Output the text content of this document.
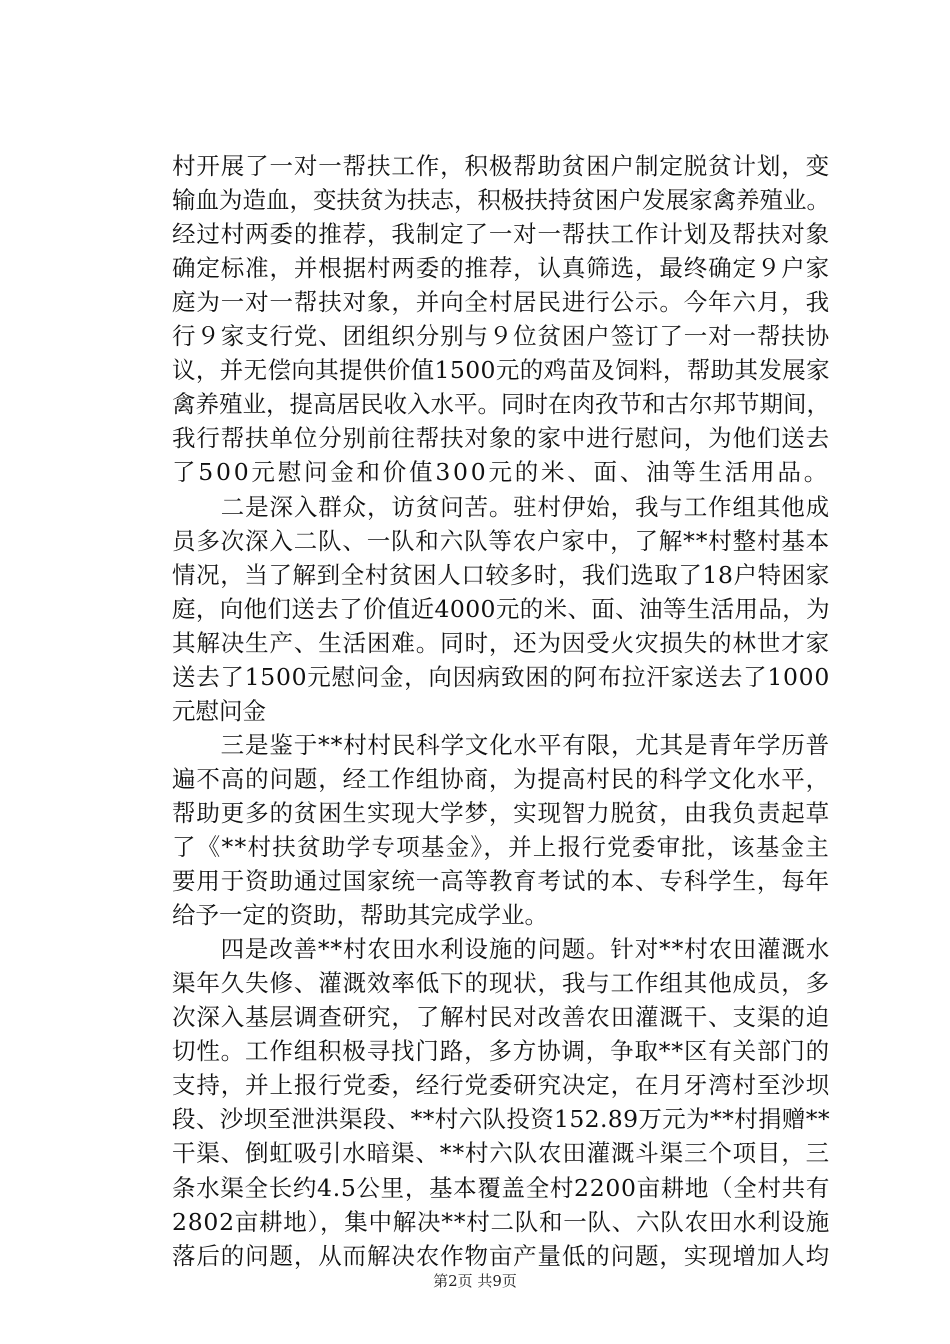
村开展了一对一帮扶工作，积极帮助贫困户制定脱贫计划，变
输血为造血，变扶贫为扶志，积极扶持贫困户发展家禽养殖业。
经过村两委的推荐，我制定了一对一帮扶工作计划及帮扶对象
确定标准，并根据村两委的推荐，认真筛选，最终确定９户家
庭为一对一帮扶对象，并向全村居民进行公示。今年六月，我
行９家支行党、团组织分别与９位贫困户签订了一对一帮扶协
议，并无偿向其提供价值1500元的鸡苗及饲料，帮助其发展家
禽养殖业，提高居民收入水平。同时在肉孜节和古尔邦节期间，
我行帮扶单位分别前往帮扶对象的家中进行慰问，为他们送去
了500元慰问金和价值300元的米、面、油等生活用品。
　　二是深入群众，访贫问苦。驻村伊始，我与工作组其他成
员多次深入二队、一队和六队等农户家中，了解**村整村基本
情况，当了解到全村贫困人口较多时，我们选取了18户特困家
庭，向他们送去了价值近4000元的米、面、油等生活用品，为
其解决生产、生活困难。同时，还为因受火灾损失的林世才家
送去了1500元慰问金，向因病致困的阿布拉汗家送去了1000
元慰问金
　　三是鉴于**村村民科学文化水平有限，尤其是青年学历普
遍不高的问题，经工作组协商，为提高村民的科学文化水平，
帮助更多的贫困生实现大学梦，实现智力脱贫，由我负责起草
了《**村扶贫助学专项基金》，并上报行党委审批，该基金主
要用于资助通过国家统一高等教育考试的本、专科学生，每年
给予一定的资助，帮助其完成学业。
　　四是改善**村农田水利设施的问题。针对**村农田灌溉水
渠年久失修、灌溉效率低下的现状，我与工作组其他成员，多
次深入基层调查研究，了解村民对改善农田灌溉干、支渠的迫
切性。工作组积极寻找门路，多方协调，争取**区有关部门的
支持，并上报行党委，经行党委研究决定，在月牙湾村至沙坝
段、沙坝至泄洪渠段、**村六队投资152.89万元为**村捐赠**
干渠、倒虹吸引水暗渠、**村六队农田灌溉斗渠三个项目，三
条水渠全长约4.5公里，基本覆盖全村2200亩耕地（全村共有
2802亩耕地），集中解决**村二队和一队、六队农田水利设施
落后的问题，从而解决农作物亩产量低的问题，实现增加人均
第2页 共9页
